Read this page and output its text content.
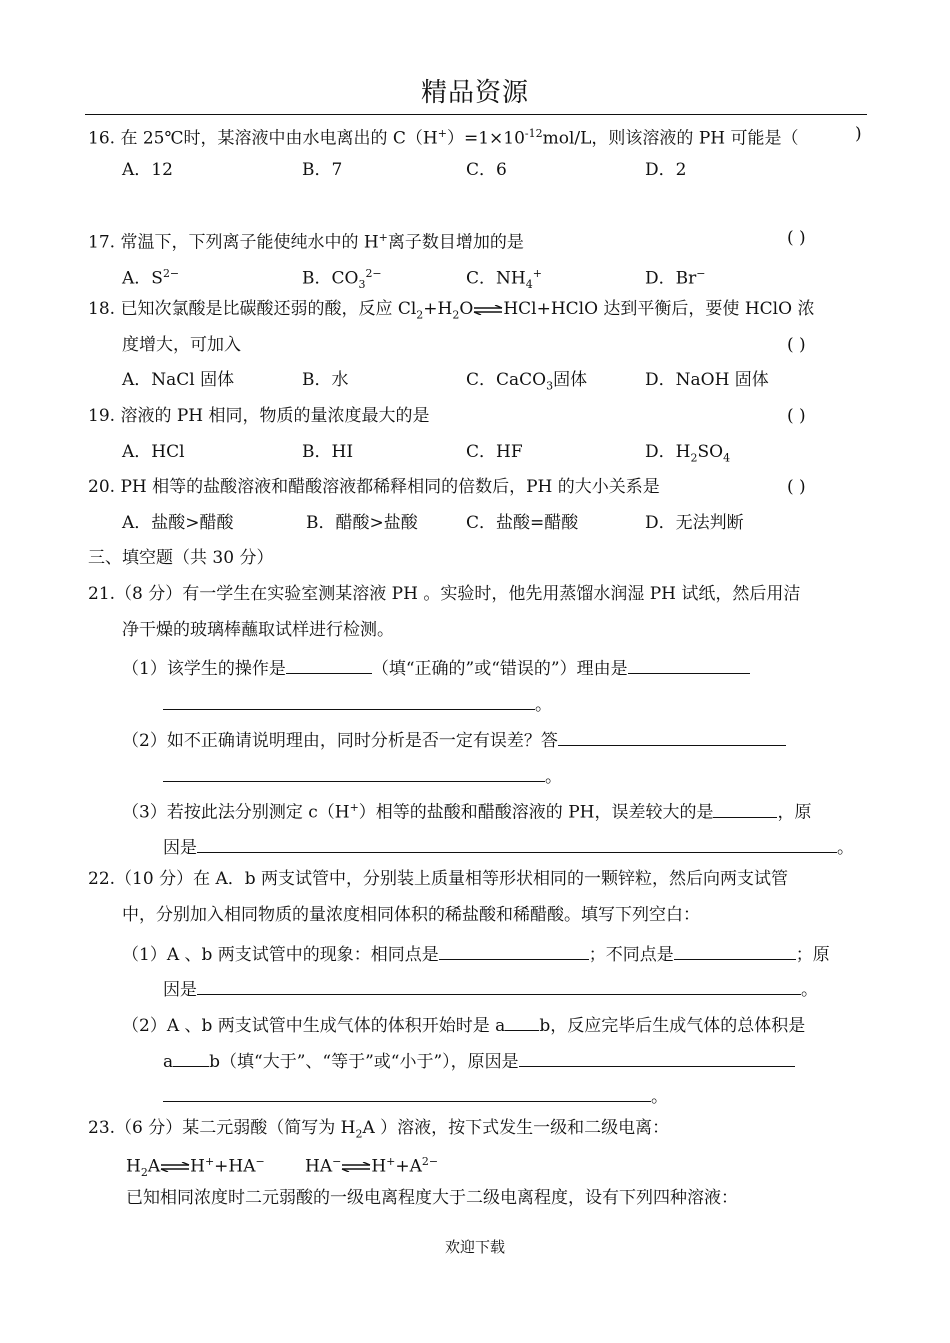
精品资源
16. 在 25℃时，某溶液中由水电离出的 $C(H^+)=1\times 10^{-12}mol/L$，则该溶液的 PH 可能是（	)
A．12	B．7	C．6	D．2
17. 常温下，下列离子能使纯水中的 H+离子数目增加的是	( )
A．$S^{2-}$	B．$CO_3^{2-}$	C．$NH_4^+$	D．Br−
18. 已知次氯酸是比碳酸还弱的酸，反应 $Cl_2+H_2O\rightleftharpoons HCl+HClO$ 达到平衡后，要使 HClO 浓
度增大，可加入	( )
A．NaCl 固体	B．水	C．CaCO$_3$固体	D．NaOH 固体
19. 溶液的 PH 相同，物质的量浓度最大的是	( )
A．HCl	B．HI	C．HF	D．$H_2SO_4$
20. PH 相等的盐酸溶液和醋酸溶液都稀释相同的倍数后，PH 的大小关系是	( )
A．盐酸>醋酸	B．醋酸>盐酸	C．盐酸=醋酸	D．无法判断
三、填空题（共 30 分）
21.（8 分）有一学生在实验室测某溶液 PH 。实验时，他先用蒸馏水润湿 PH 试纸，然后用洁
净干燥的玻璃棒蘸取试样进行检测。
（1）该学生的操作是	（填“正确的”或“错误的”）理由是
。
（2）如不正确请说明理由，同时分析是否一定有误差？答
。
（3）若按此法分别测定 c（H+）相等的盐酸和醋酸溶液的 PH，误差较大的是	，原
因是	。
22.（10 分）在 A．b 两支试管中，分别装上质量相等形状相同的一颗锌粒，然后向两支试管
中，分别加入相同物质的量浓度相同体积的稀盐酸和稀醋酸。填写下列空白：
（1）A 、b 两支试管中的现象：相同点是	；不同点是	；原
因是	。
（2）A 、b 两支试管中生成气体的体积开始时是 a b，反应完毕后生成气体的总体积是
a b（填“大于”、“等于”或“小于”），原因是
。
23.（6 分）某二元弱酸（简写为 $H_2A$ ）溶液，按下式发生一级和二级电离：
$H_2A\rightleftharpoons H^++HA^-$ $HA^-\rightleftharpoons H^++A^{2-}$
已知相同浓度时二元弱酸的一级电离程度大于二级电离程度，设有下列四种溶液：
欢迎下载
